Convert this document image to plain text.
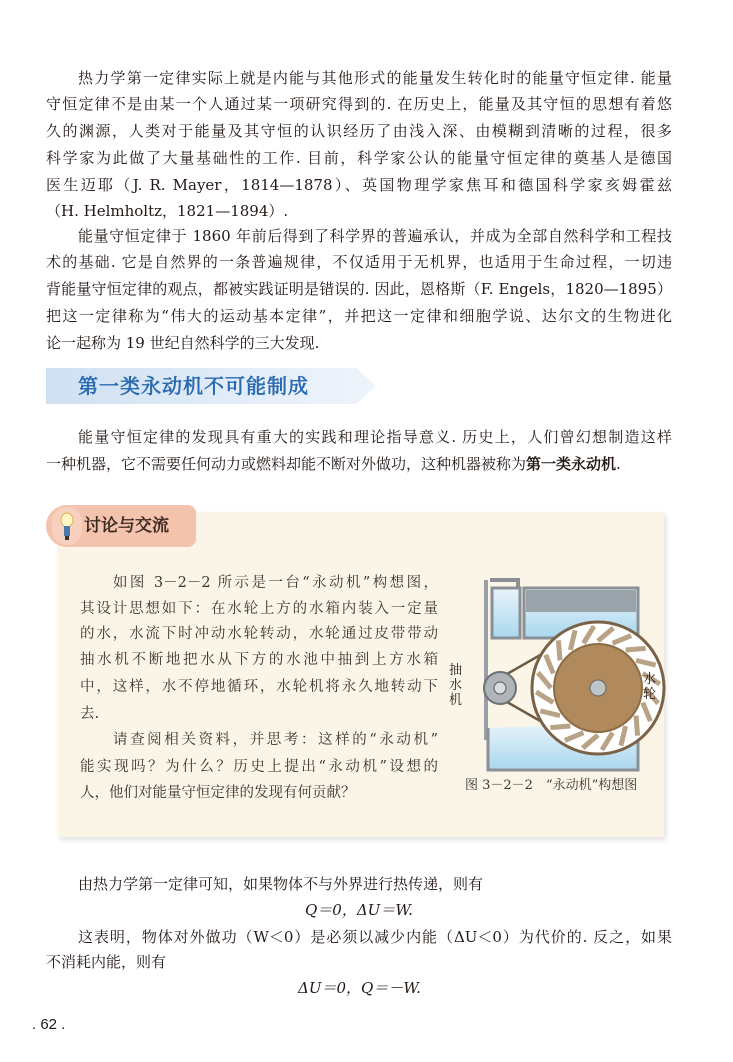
热力学第一定律实际上就是内能与其他形式的能量发生转化时的能量守恒定律. 能量
守恒定律不是由某一个人通过某一项研究得到的. 在历史上，能量及其守恒的思想有着悠
久的渊源，人类对于能量及其守恒的认识经历了由浅入深、由模糊到清晰的过程，很多
科学家为此做了大量基础性的工作. 目前，科学家公认的能量守恒定律的奠基人是德国
医生迈耶（J. R. Mayer，1814—1878）、英国物理学家焦耳和德国科学家亥姆霍兹
（H. Helmholtz，1821—1894）.
能量守恒定律于 1860 年前后得到了科学界的普遍承认，并成为全部自然科学和工程技
术的基础. 它是自然界的一条普遍规律，不仅适用于无机界，也适用于生命过程，一切违
背能量守恒定律的观点，都被实践证明是错误的. 因此，恩格斯（F. Engels，1820—1895）
把这一定律称为“伟大的运动基本定律”，并把这一定律和细胞学说、达尔文的生物进化
论一起称为 19 世纪自然科学的三大发现.
第一类永动机不可能制成
能量守恒定律的发现具有重大的实践和理论指导意义. 历史上，人们曾幻想制造这样
一种机器，它不需要任何动力或燃料却能不断对外做功，这种机器被称为第一类永动机.
讨论与交流
如图 3－2－2 所示是一台“永动机”构想图，
其设计思想如下：在水轮上方的水箱内装入一定量
的水，水流下时冲动水轮转动，水轮通过皮带带动
抽水机不断地把水从下方的水池中抽到上方水箱
中，这样，水不停地循环，水轮机将永久地转动下
去.
请查阅相关资料，并思考：这样的“永动机”
能实现吗？为什么？历史上提出“永动机”设想的
人，他们对能量守恒定律的发现有何贡献？
抽水机
水轮
图 3－2－2　“永动机”构想图
由热力学第一定律可知，如果物体不与外界进行热传递，则有
Q＝0，ΔU＝W.
这表明，物体对外做功（W＜0）是必须以减少内能（ΔU＜0）为代价的. 反之，如果
不消耗内能，则有
ΔU＝0，Q＝－W.
. 62 .
